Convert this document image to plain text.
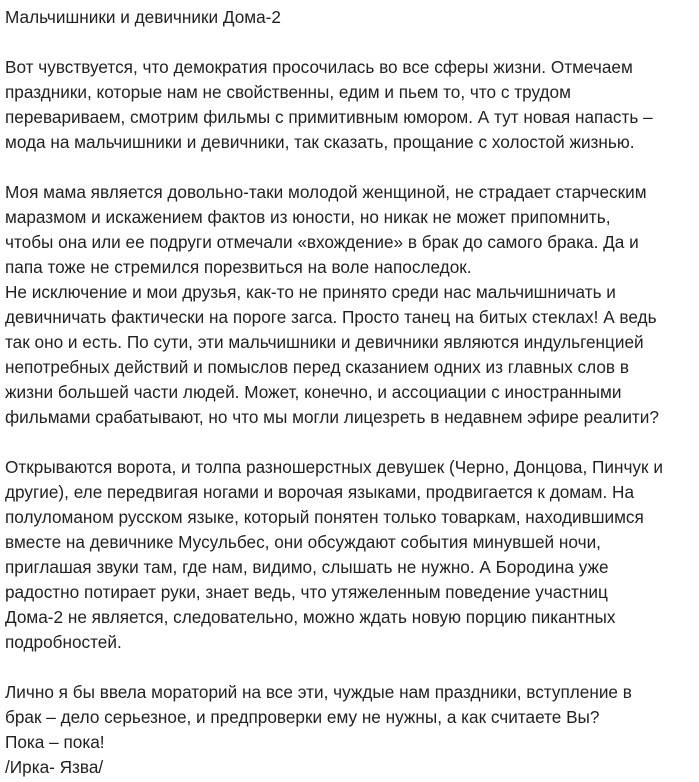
Мальчишники и девичники Дома-2

Вот чувствуется, что демократия просочилась во все сферы жизни. Отмечаем
праздники, которые нам не свойственны, едим и пьем то, что с трудом
перевариваем, смотрим фильмы с примитивным юмором. А тут новая напасть –
мода на мальчишники и девичники, так сказать, прощание с холостой жизнью.

Моя мама является довольно-таки молодой женщиной, не страдает старческим
маразмом и искажением фактов из юности, но никак не может припомнить,
чтобы она или ее подруги отмечали «вхождение» в брак до самого брака. Да и
папа тоже не стремился порезвиться на воле напоследок.

Не исключение и мои друзья, как-то не принято среди нас мальчишничать и
девичничать фактически на пороге загса. Просто танец на битых стеклах! А ведь
так оно и есть. По сути, эти мальчишники и девичники являются индульгенцией
непотребных действий и помыслов перед сказанием одних из главных слов в
жизни большей части людей. Может, конечно, и ассоциации с иностранными
фильмами срабатывают, но что мы могли лицезреть в недавнем эфире реалити?

Открываются ворота, и толпа разношерстных девушек (Черно, Донцова, Пинчук и
другие), еле передвигая ногами и ворочая языками, продвигается к домам. На
полуломаном русском языке, который понятен только товаркам, находившимся
вместе на девичнике Мусульбес, они обсуждают события минувшей ночи,
приглашая звуки там, где нам, видимо, слышать не нужно. А Бородина уже
радостно потирает руки, знает ведь, что утяжеленным поведение участниц
Дома-2 не является, следовательно, можно ждать новую порцию пикантных
подробностей.

Лично я бы ввела мораторий на все эти, чуждые нам праздники, вступление в
брак – дело серьезное, и предпроверки ему не нужны, а как считаете Вы?
Пока – пока!
/Ирка- Язва/
